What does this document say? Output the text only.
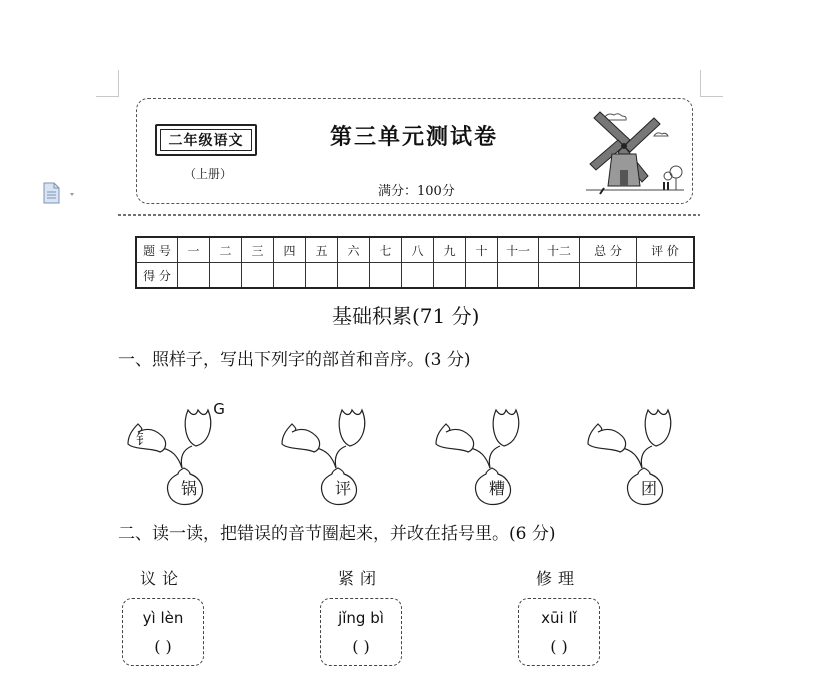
二年级语文
（上册）
第三单元测试卷
满分：100分
题 号	一	二	三	四	五	六	七	八	九	十	十一	十二	总 分	评 价
得 分														
基础积累(71 分)
一、照样子，写出下列字的部首和音序。(3 分)
锅
G
钅
评	糟	团
二、读一读，把错误的音节圈起来，并改在括号里。(6 分)
议论
yì lèn
( )
紧闭
jǐng bì
( )
修理
xūi lǐ
( )
